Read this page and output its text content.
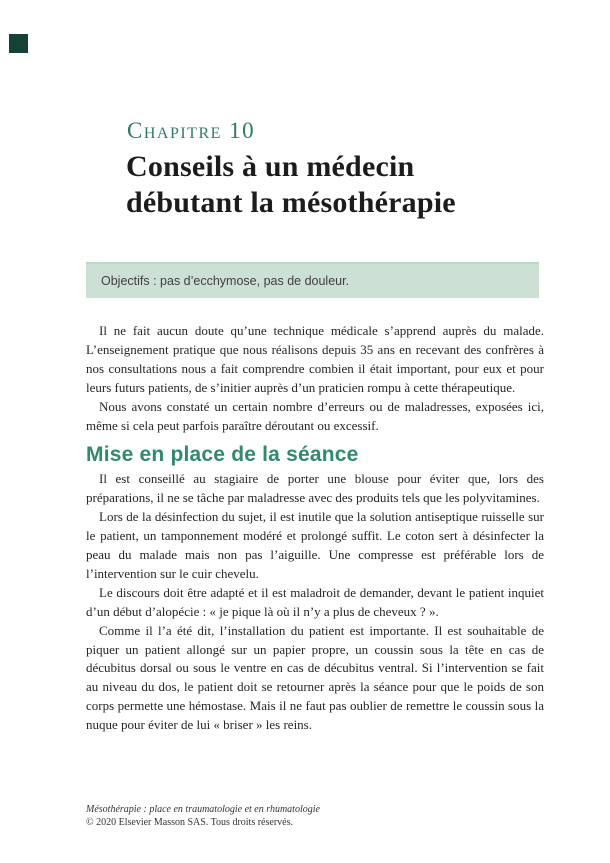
Chapitre 10
Conseils à un médecin
débutant la mésothérapie
Objectifs : pas d’ecchymose, pas de douleur.

Il ne fait aucun doute qu’une technique médicale s’apprend auprès du malade. L’enseignement pratique que nous réalisons depuis 35 ans en recevant des confrères à nos consultations nous a fait comprendre combien il était important, pour eux et pour leurs futurs patients, de s’initier auprès d’un praticien rompu à cette thérapeutique.

Nous avons constaté un certain nombre d’erreurs ou de maladresses, exposées ici, même si cela peut parfois paraître déroutant ou excessif.

Mise en place de la séance

Il est conseillé au stagiaire de porter une blouse pour éviter que, lors des préparations, il ne se tâche par maladresse avec des produits tels que les polyvitamines.

Lors de la désinfection du sujet, il est inutile que la solution antiseptique ruisselle sur le patient, un tamponnement modéré et prolongé suffit. Le coton sert à désinfecter la peau du malade mais non pas l’aiguille. Une compresse est préférable lors de l’intervention sur le cuir chevelu.

Le discours doit être adapté et il est maladroit de demander, devant le patient inquiet d’un début d’alopécie : « je pique là où il n’y a plus de cheveux ? ».

Comme il l’a été dit, l’installation du patient est importante. Il est souhaitable de piquer un patient allongé sur un papier propre, un coussin sous la tête en cas de décubitus dorsal ou sous le ventre en cas de décubitus ventral. Si l’intervention se fait au niveau du dos, le patient doit se retourner après la séance pour que le poids de son corps permette une hémostase. Mais il ne faut pas oublier de remettre le coussin sous la nuque pour éviter de lui « briser » les reins.

Mésothérapie : place en traumatologie et en rhumatologie
© 2020 Elsevier Masson SAS. Tous droits réservés.
